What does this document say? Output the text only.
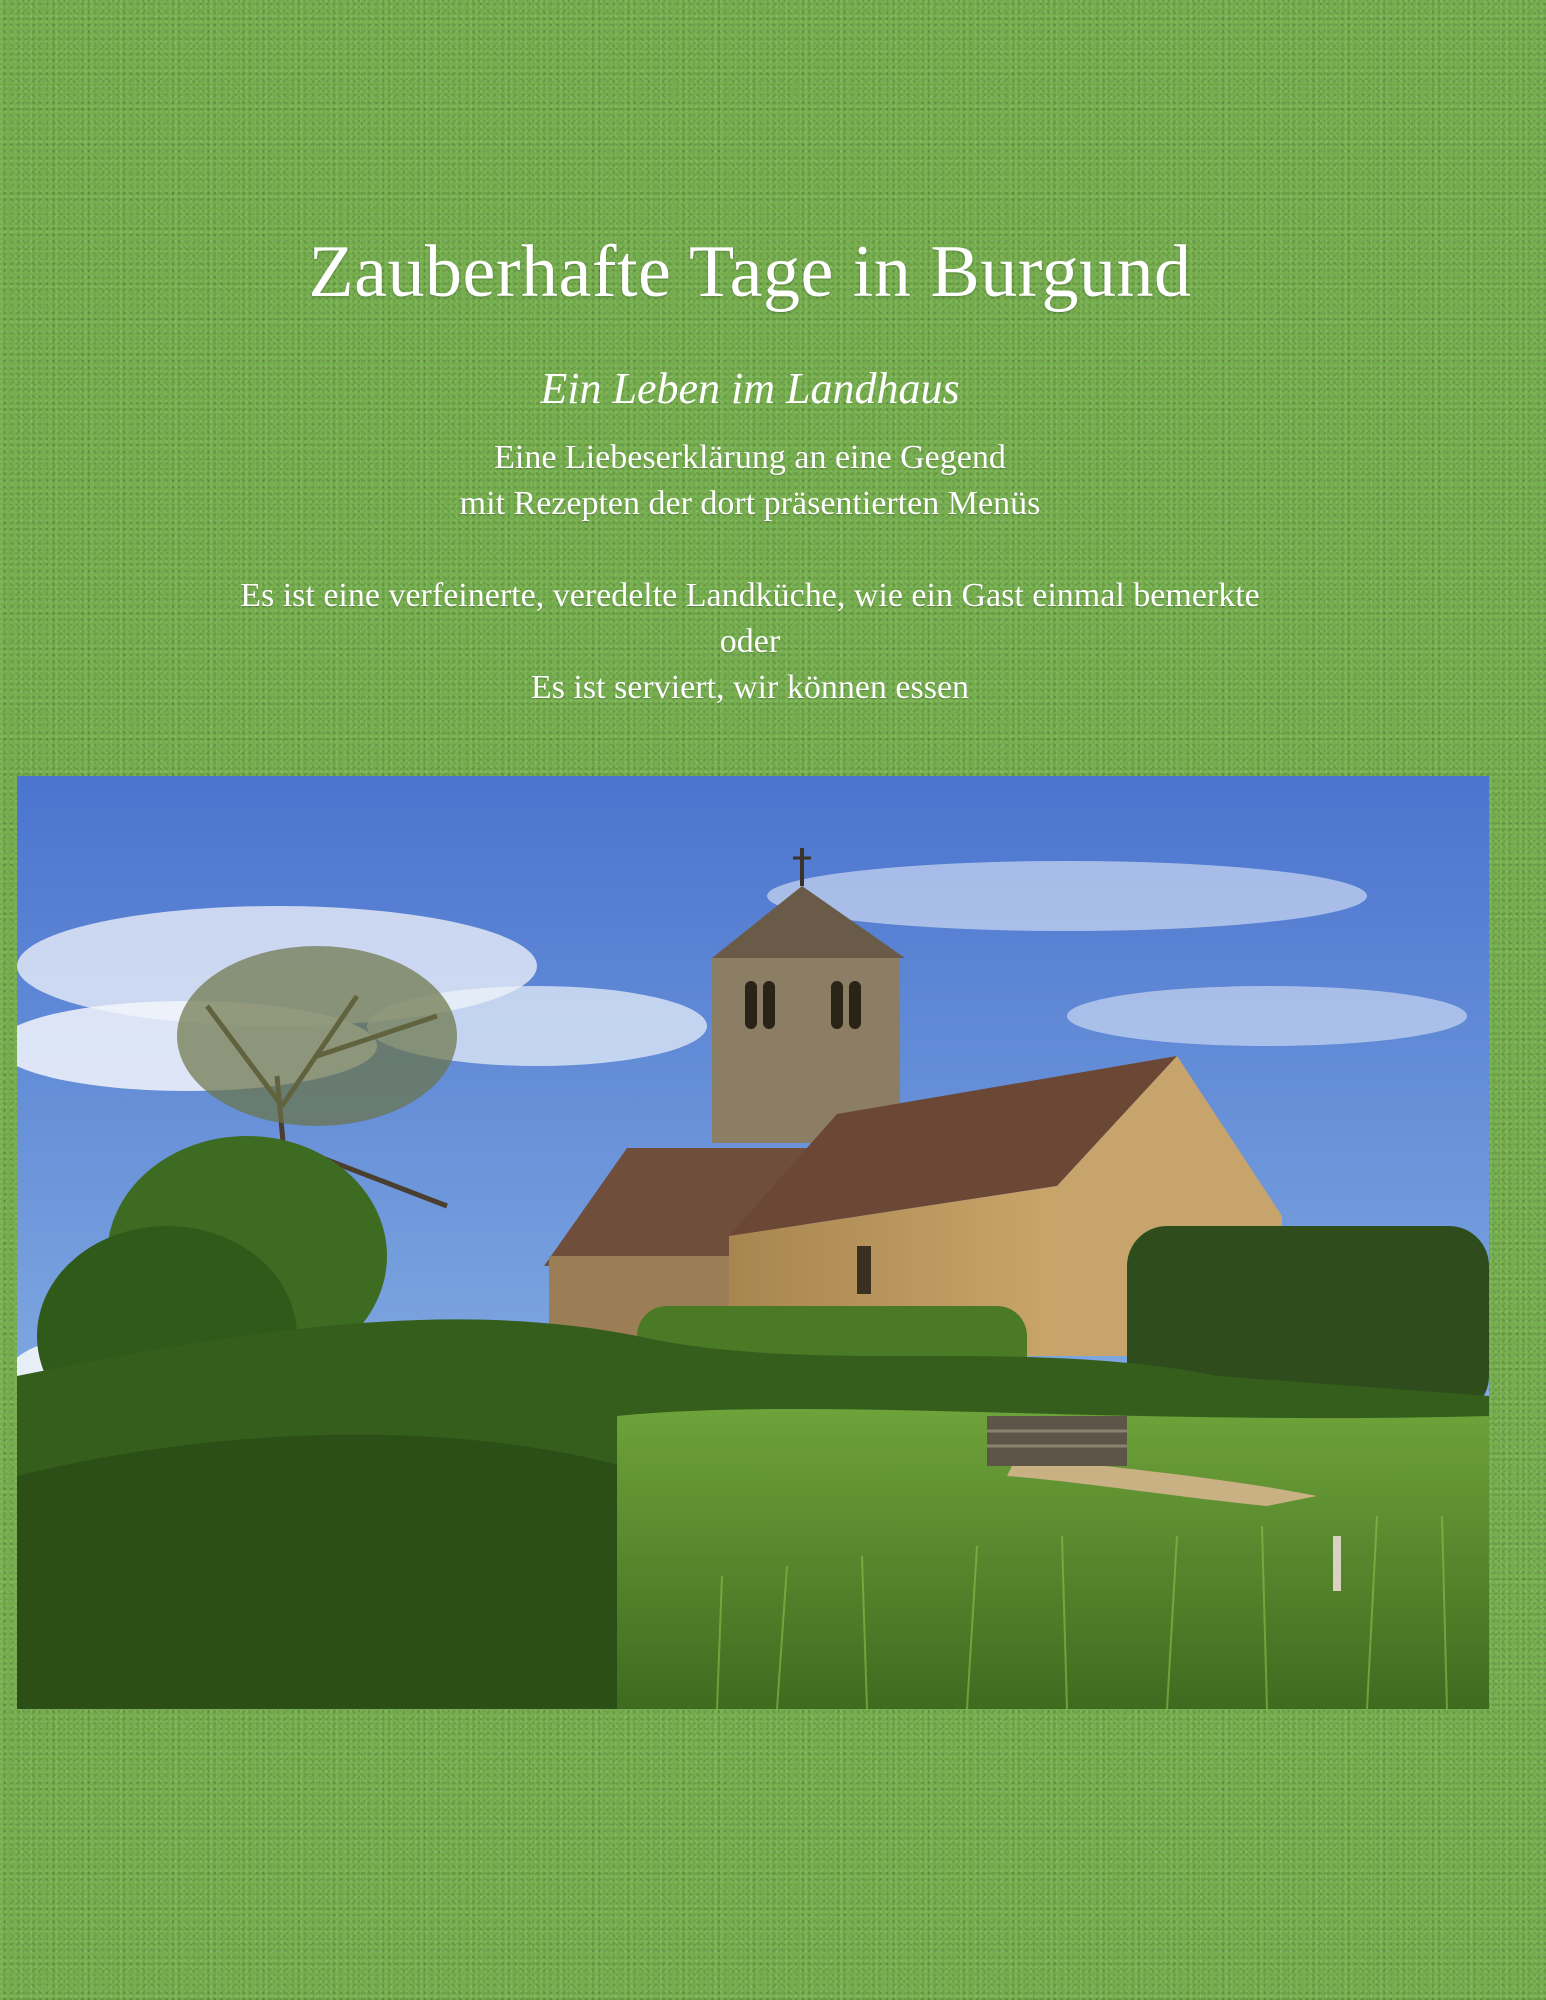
Zauberhafte Tage in Burgund
Ein Leben im Landhaus
Eine Liebeserklärung an eine Gegend
mit Rezepten der dort präsentierten Menüs
Es ist eine verfeinerte, veredelte Landküche, wie ein Gast einmal bemerkte
oder
Es ist serviert, wir können essen
